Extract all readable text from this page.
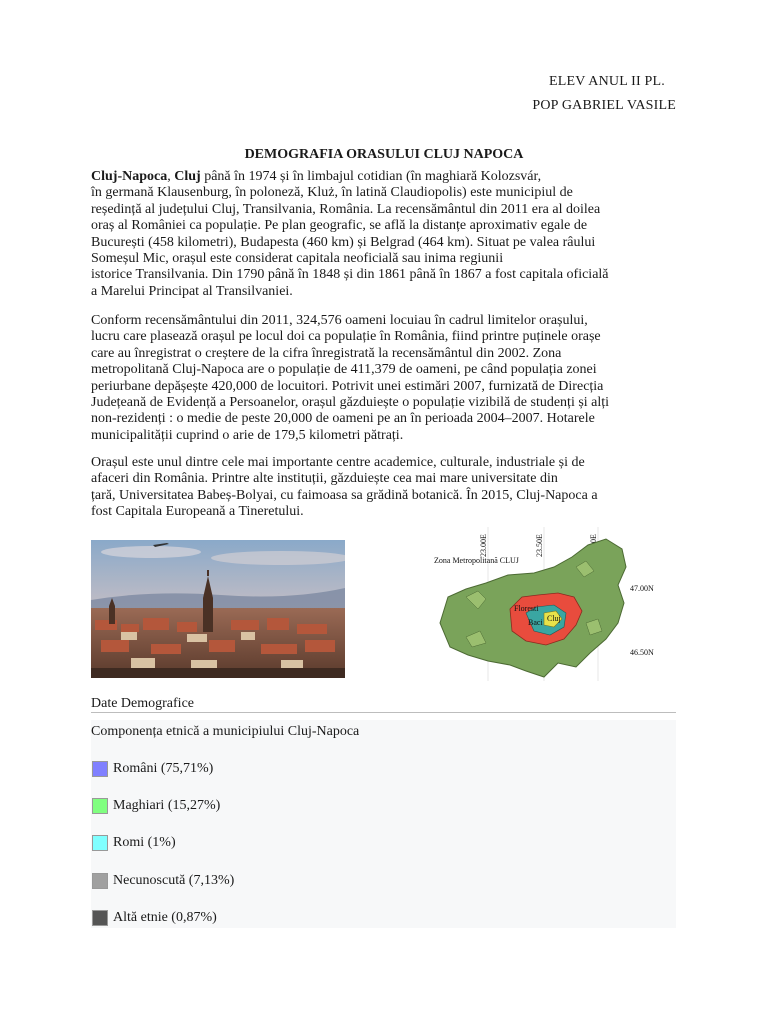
ELEV ANUL II PL.
POP GABRIEL VASILE
DEMOGRAFIA ORASULUI CLUJ NAPOCA
Cluj-Napoca, Cluj până în 1974 și în limbajul cotidian (în maghiară Kolozsvár,
în germană Klausenburg, în poloneză, Kluż, în latină Claudiopolis) este municipiul de
reședință al județului Cluj, Transilvania, România. La recensământul din 2011 era al doilea
oraș al României ca populație. Pe plan geografic, se află la distanțe aproximativ egale de
București (458 kilometri), Budapesta (460 km) și Belgrad (464 km). Situat pe valea râului
Someșul Mic, orașul este considerat capitala neoficială sau inima regiunii
istorice Transilvania. Din 1790 până în 1848 și din 1861 până în 1867 a fost capitala oficială
a Marelui Principat al Transilvaniei.
Conform recensământului din 2011, 324,576 oameni locuiau în cadrul limitelor orașului,
lucru care plasează orașul pe locul doi ca populație în România, fiind printre puținele orașe
care au înregistrat o creștere de la cifra înregistrată la recensământul din 2002. Zona
metropolitană Cluj-Napoca are o populație de 411,379 de oameni, pe când populația zonei
periurbane depășește 420,000 de locuitori. Potrivit unei estimări 2007, furnizată de Direcția
Județeană de Evidență a Persoanelor, orașul găzduiește o populație vizibilă de studenți și alți
non-rezidenți : o medie de peste 20,000 de oameni pe an în perioada 2004–2007. Hotarele
municipalității cuprind o arie de 179,5 kilometri pătrați.
Orașul este unul dintre cele mai importante centre academice, culturale, industriale și de
afaceri din România. Printre alte instituții, găzduiește cea mai mare universitate din
țară, Universitatea Babeș-Bolyai, cu faimoasa sa grădină botanică. În 2015, Cluj-Napoca a
fost Capitala Europeană a Tineretului.
23.00E	23.50E
Zona Metropolitană CLUJ
47.00N
46.50N
Cluj
Baci
Floresti
Date Demografice
Componența etnică a municipiului Cluj-Napoca
Români (75,71%)
Maghiari (15,27%)
Romi (1%)
Necunoscută (7,13%)
Altă etnie (0,87%)
